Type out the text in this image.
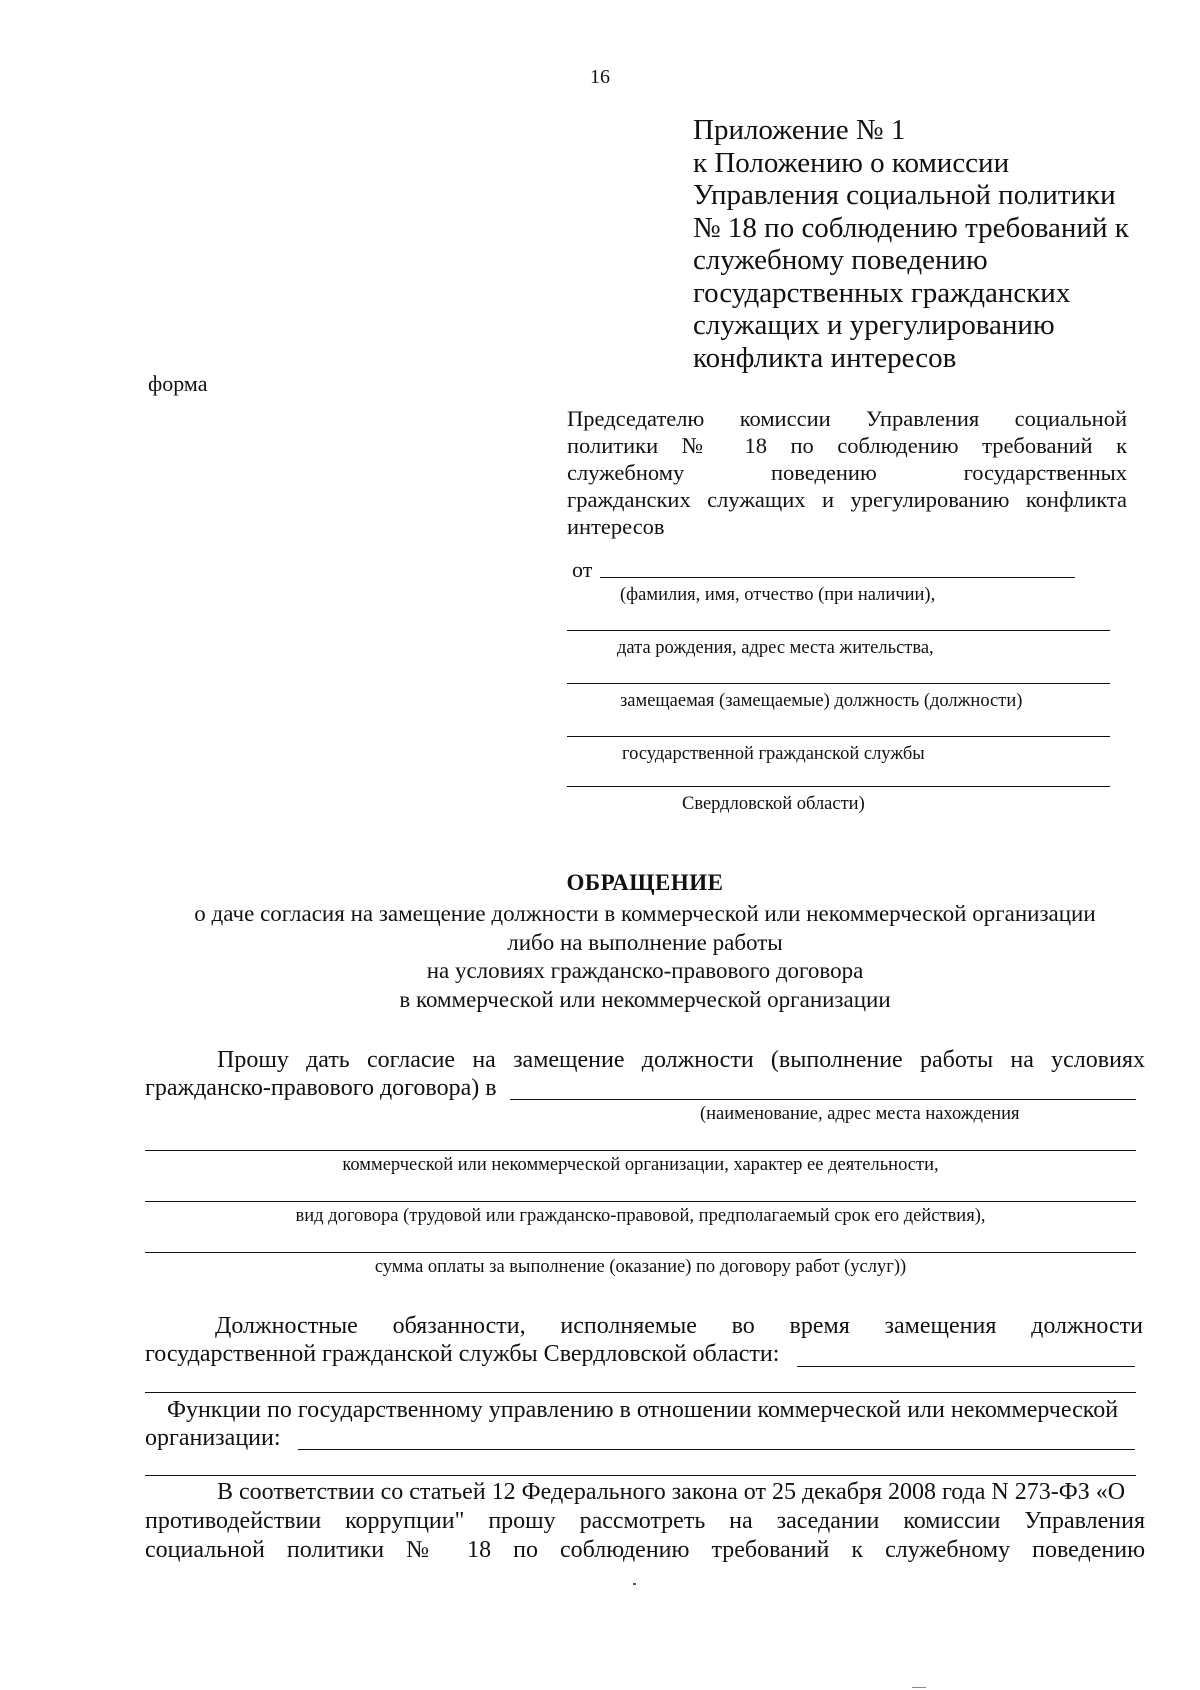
16
Приложение № 1
к Положению о комиссии
Управления социальной политики
№ 18 по соблюдению требований к
служебному поведению
государственных гражданских
служащих и урегулированию
конфликта интересов
форма
Председателю комиссии Управления социальной
политики № 18 по соблюдению требований к
служебному поведению государственных
гражданских служащих и урегулированию конфликта
интересов
от
(фамилия, имя, отчество (при наличии),
дата рождения, адрес места жительства,
замещаемая (замещаемые) должность (должности)
государственной гражданской службы
Свердловской области)
ОБРАЩЕНИЕ
о даче согласия на замещение должности в коммерческой или некоммерческой организации
либо на выполнение работы
на условиях гражданско-правового договора
в коммерческой или некоммерческой организации
Прошу дать согласие на замещение должности (выполнение работы на условиях
гражданско-правового договора) в
(наименование, адрес места нахождения
коммерческой или некоммерческой организации, характер ее деятельности,
вид договора (трудовой или гражданско-правовой, предполагаемый срок его действия),
сумма оплаты за выполнение (оказание) по договору работ (услуг))
Должностные обязанности, исполняемые во время замещения должности
государственной гражданской службы Свердловской области:
Функции по государственному управлению в отношении коммерческой или некоммерческой
организации:
В соответствии со статьей 12 Федерального закона от 25 декабря 2008 года N 273-ФЗ «О
противодействии коррупции" прошу рассмотреть на заседании комиссии Управления
социальной политики № 18 по соблюдению требований к служебному поведению
